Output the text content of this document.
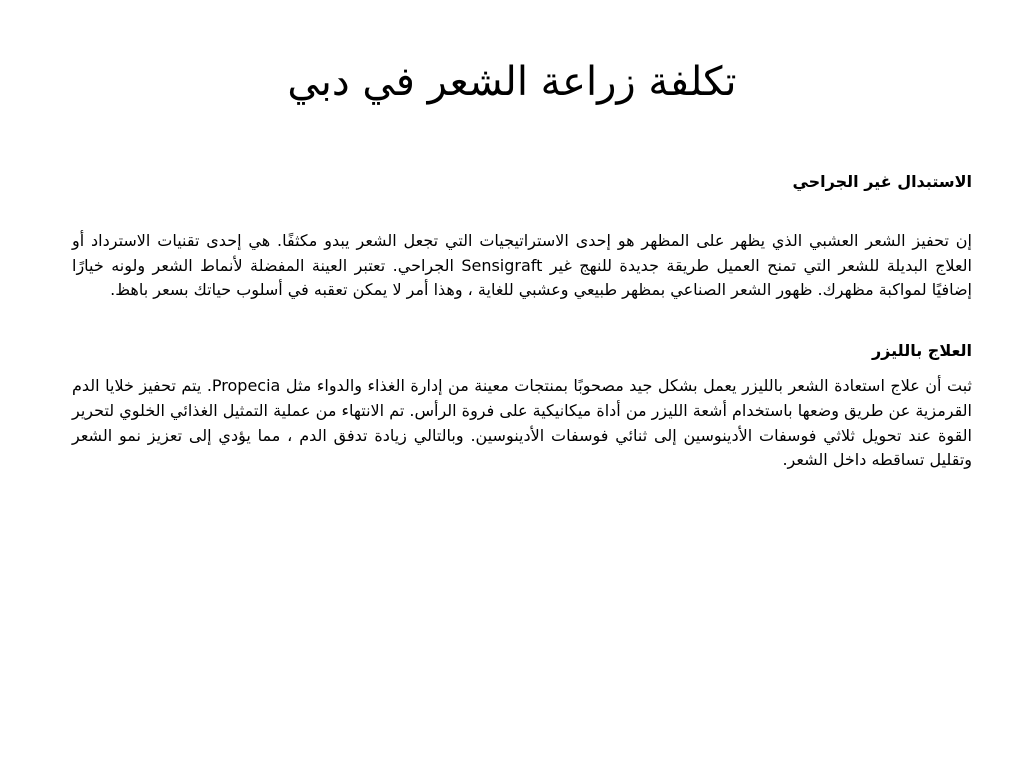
تكلفة زراعة الشعر في دبي

الاستبدال غير الجراحي

إن تحفيز الشعر العشبي الذي يظهر على المظهر هو إحدى الاستراتيجيات التي تجعل الشعر يبدو مكثفًا. هي إحدى تقنيات الاسترداد أو العلاج البديلة للشعر التي تمنح العميل طريقة جديدة للنهج غير Sensigraft الجراحي. تعتبر العينة المفضلة لأنماط الشعر ولونه خيارًا إضافيًا لمواكبة مظهرك. ظهور الشعر الصناعي بمظهر طبيعي وعشبي للغاية ، وهذا أمر لا يمكن تعقبه في أسلوب حياتك بسعر باهظ.

العلاج بالليزر

ثبت أن علاج استعادة الشعر بالليزر يعمل بشكل جيد مصحوبًا بمنتجات معينة من إدارة الغذاء والدواء مثل Propecia. يتم تحفيز خلايا الدم القرمزية عن طريق وضعها باستخدام أشعة الليزر من أداة ميكانيكية على فروة الرأس. تم الانتهاء من عملية التمثيل الغذائي الخلوي لتحرير القوة عند تحويل ثلاثي فوسفات الأدينوسين إلى ثنائي فوسفات الأدينوسين. وبالتالي زيادة تدفق الدم ، مما يؤدي إلى تعزيز نمو الشعر وتقليل تساقطه داخل الشعر.
